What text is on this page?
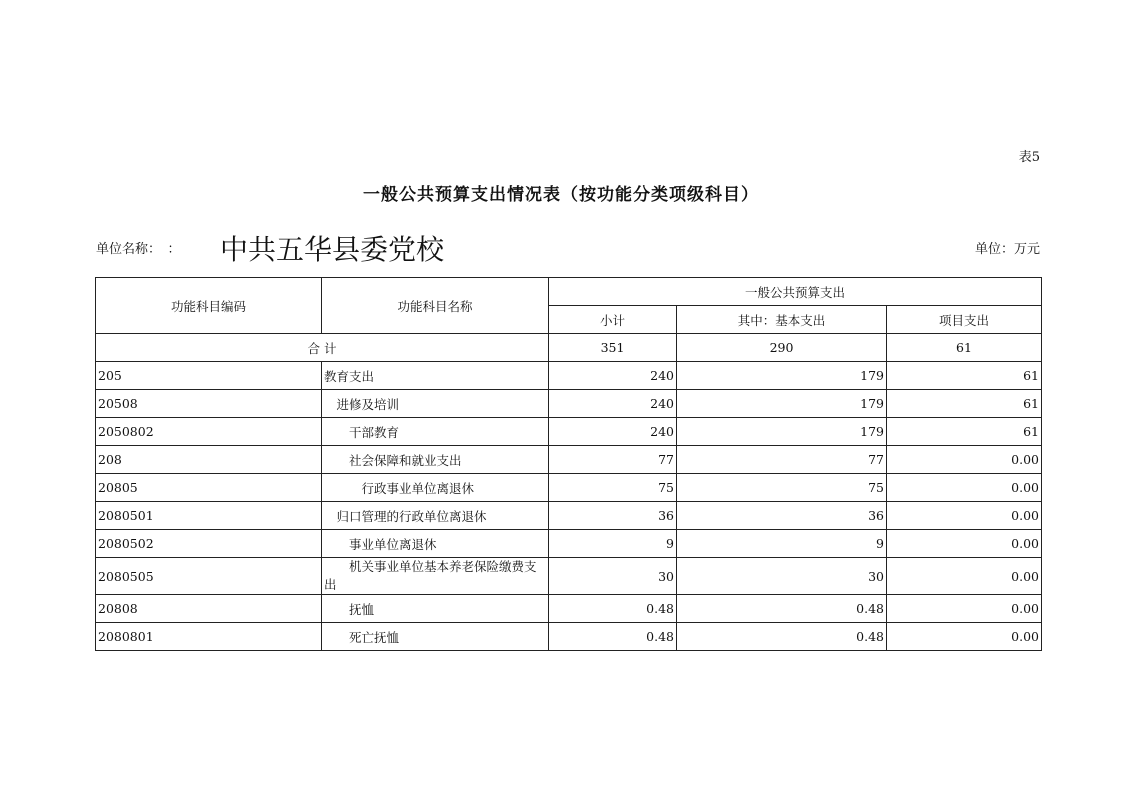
表5
一般公共预算支出情况表（按功能分类项级科目）
单位名称：　： 中共五华县委党校	单位：万元
功能科目编码	功能科目名称	一般公共预算支出		
		小计	其中：基本支出	项目支出
合 计		351	290	61
205	教育支出	240	179	61
20508	　进修及培训	240	179	61
2050802	　　干部教育	240	179	61
208	　　社会保障和就业支出	77	77	0.00
20805	　　　行政事业单位离退休	75	75	0.00
2080501	　归口管理的行政单位离退休	36	36	0.00
2080502	　　事业单位离退休	9	9	0.00
2080505	　　机关事业单位基本养老保险缴费支出	30	30	0.00
20808	　　抚恤	0.48	0.48	0.00
2080801	　　死亡抚恤	0.48	0.48	0.00
